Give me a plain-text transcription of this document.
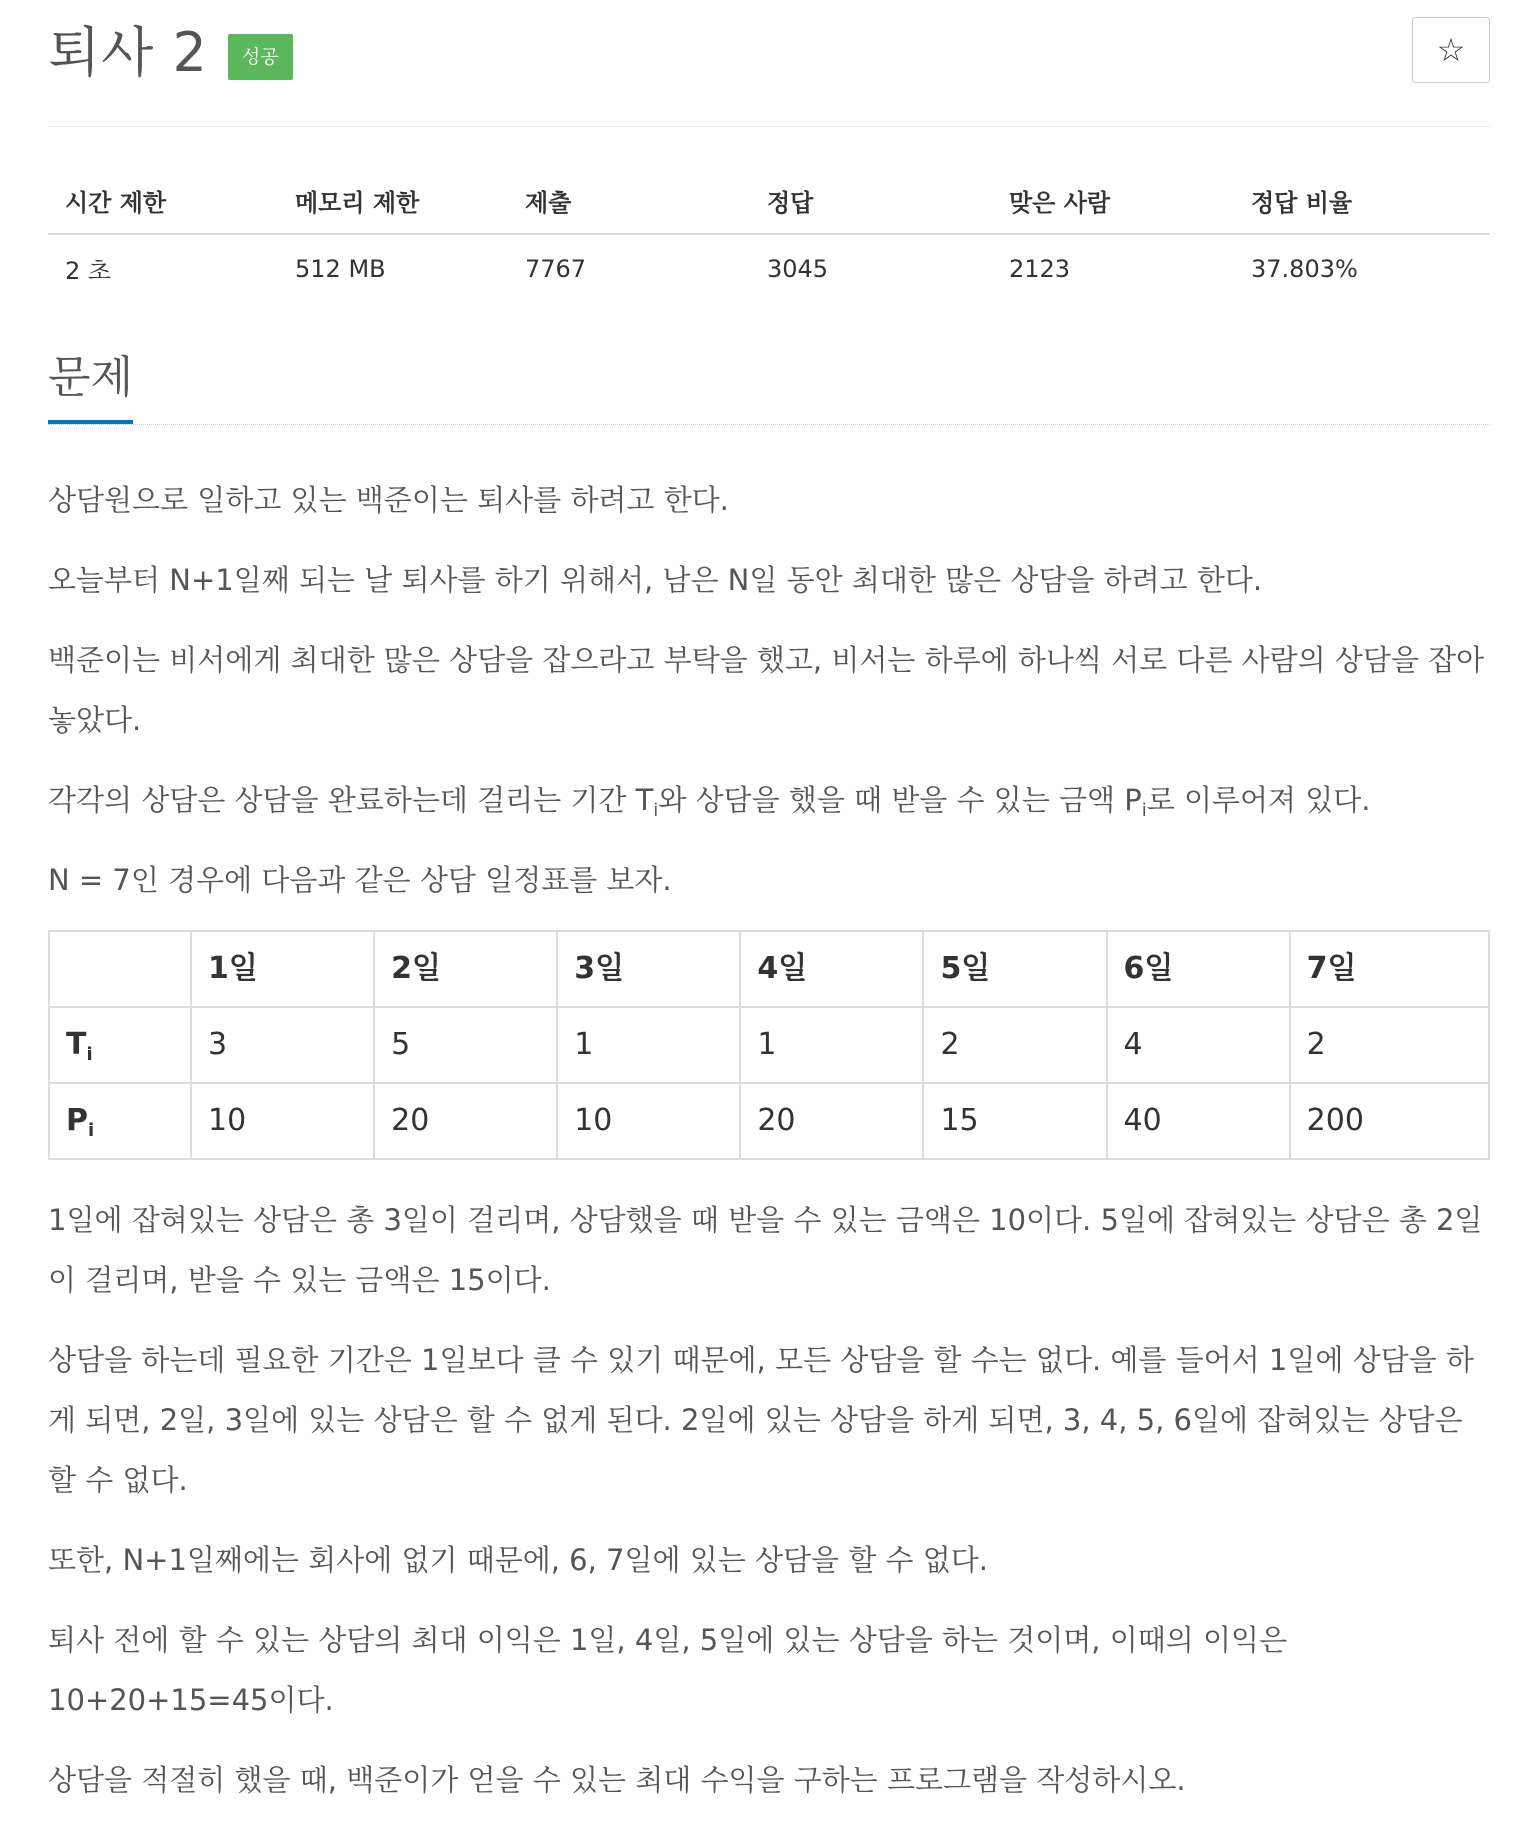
퇴사 2	성공	☆
시간 제한	메모리 제한	제출	정답	맞은 사람	정답 비율
2 초	512 MB	7767	3045	2123	37.803%
문제

상담원으로 일하고 있는 백준이는 퇴사를 하려고 한다.

오늘부터 N+1일째 되는 날 퇴사를 하기 위해서, 남은 N일 동안 최대한 많은 상담을 하려고 한다.

백준이는 비서에게 최대한 많은 상담을 잡으라고 부탁을 했고, 비서는 하루에 하나씩 서로 다른 사람의 상담을 잡아놓았다.

각각의 상담은 상담을 완료하는데 걸리는 기간 $T_i$와 상담을 했을 때 받을 수 있는 금액 $P_i$로 이루어져 있다.

N = 7인 경우에 다음과 같은 상담 일정표를 보자.

	1일	2일	3일	4일	5일	6일	7일
$T_i$	3	5	1	1	2	4	2
$P_i$	10	20	10	20	15	40	200

1일에 잡혀있는 상담은 총 3일이 걸리며, 상담했을 때 받을 수 있는 금액은 10이다. 5일에 잡혀있는 상담은 총 2일이 걸리며, 받을 수 있는 금액은 15이다.

상담을 하는데 필요한 기간은 1일보다 클 수 있기 때문에, 모든 상담을 할 수는 없다. 예를 들어서 1일에 상담을 하게 되면, 2일, 3일에 있는 상담은 할 수 없게 된다. 2일에 있는 상담을 하게 되면, 3, 4, 5, 6일에 잡혀있는 상담은 할 수 없다.

또한, N+1일째에는 회사에 없기 때문에, 6, 7일에 있는 상담을 할 수 없다.

퇴사 전에 할 수 있는 상담의 최대 이익은 1일, 4일, 5일에 있는 상담을 하는 것이며, 이때의 이익은 10+20+15=45이다.

상담을 적절히 했을 때, 백준이가 얻을 수 있는 최대 수익을 구하는 프로그램을 작성하시오.
